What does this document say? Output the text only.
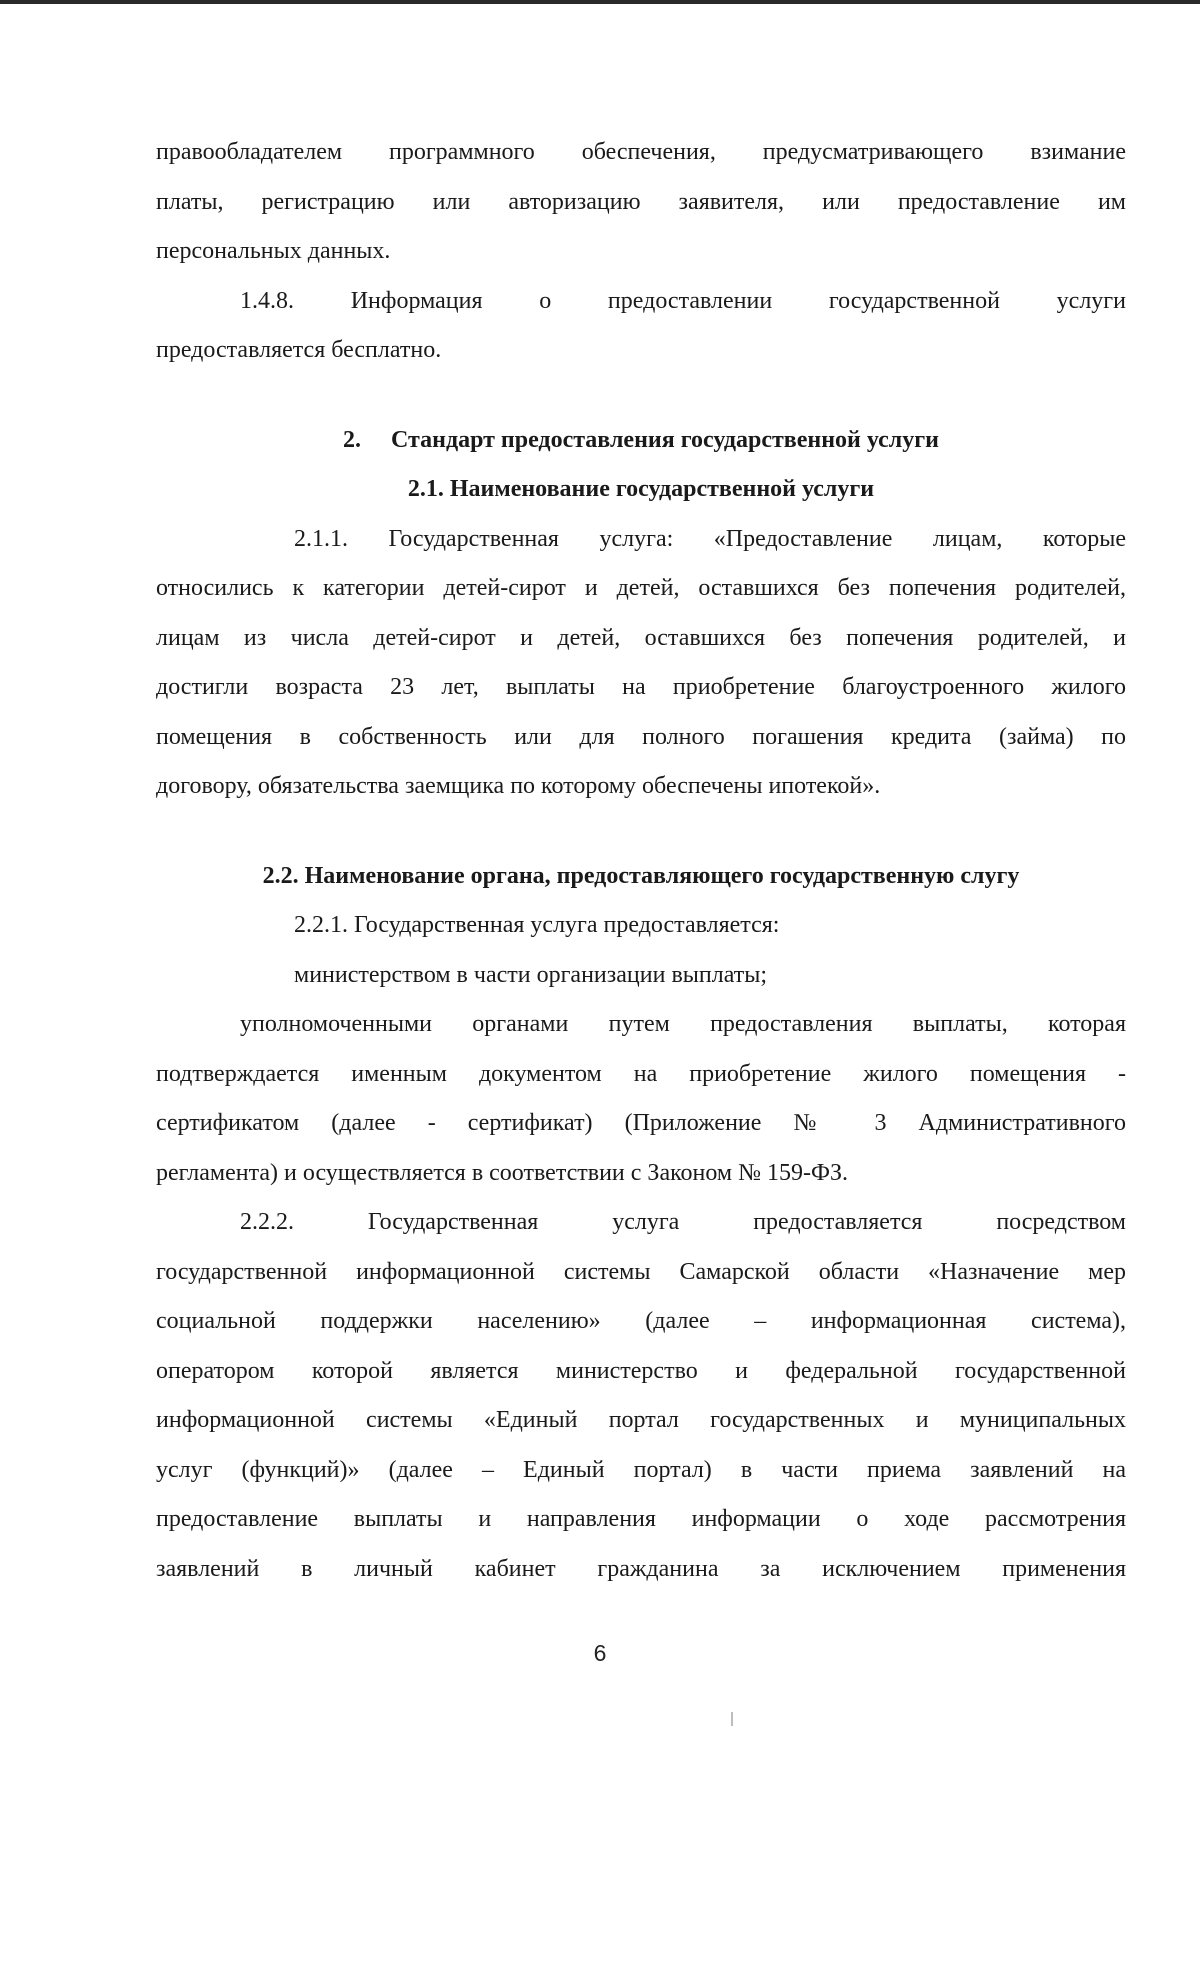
правообладателем программного обеспечения, предусматривающего взимание
платы, регистрацию или авторизацию заявителя, или предоставление им
персональных данных.
1.4.8. Информация о предоставлении государственной услуги
предоставляется бесплатно.
2.     Стандарт предоставления государственной услуги
2.1. Наименование государственной услуги
2.1.1. Государственная услуга: «Предоставление лицам, которые
относились к категории детей-сирот и детей, оставшихся без попечения родителей,
лицам из числа детей-сирот и детей, оставшихся без попечения родителей, и
достигли возраста 23 лет, выплаты на приобретение благоустроенного жилого
помещения в собственность или для полного погашения кредита (займа) по
договору, обязательства заемщика по которому обеспечены ипотекой».
2.2. Наименование органа, предоставляющего государственную слугу
2.2.1. Государственная услуга предоставляется:
министерством в части организации выплаты;
уполномоченными органами путем предоставления выплаты, которая
подтверждается именным документом на приобретение жилого помещения -
сертификатом (далее - сертификат) (Приложение № 3 Административного
регламента) и осуществляется в соответствии с Законом № 159-ФЗ.
2.2.2. Государственная услуга предоставляется посредством
государственной информационной системы Самарской области «Назначение мер
социальной поддержки населению» (далее – информационная система),
оператором которой является министерство и федеральной государственной
информационной системы «Единый портал государственных и муниципальных
услуг (функций)» (далее – Единый портал) в части приема заявлений на
предоставление выплаты и направления информации о ходе рассмотрения
заявлений в личный кабинет гражданина за исключением применения
6
